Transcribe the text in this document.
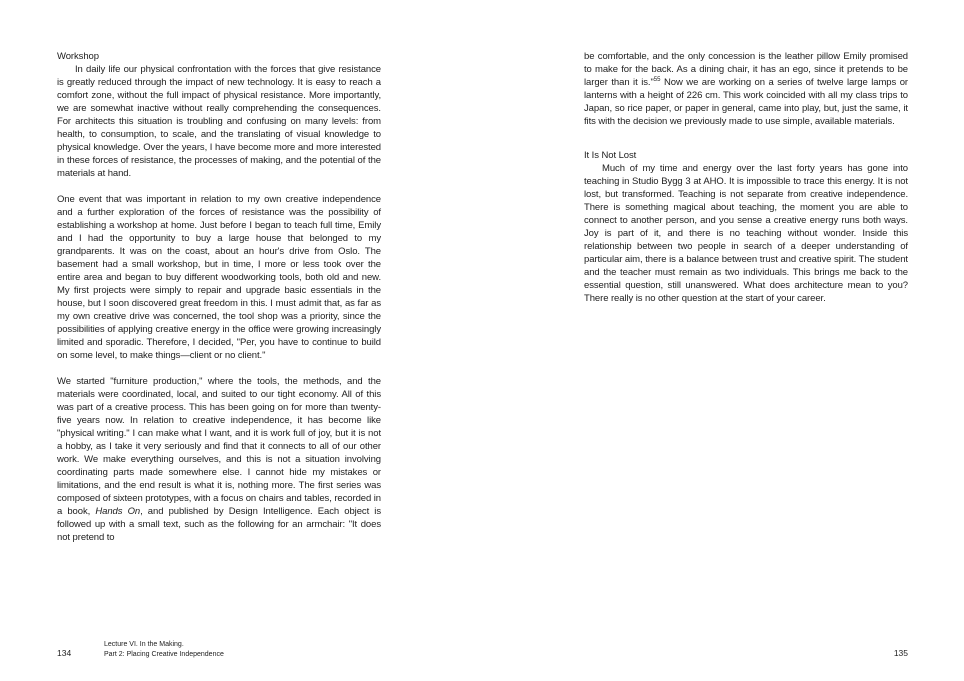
Workshop

In daily life our physical confrontation with the forces that give resistance is greatly reduced through the impact of new technology. It is easy to reach a comfort zone, without the full impact of physical resistance. More importantly, we are somewhat inactive without really comprehending the consequences. For architects this situation is troubling and confusing on many levels: from health, to consumption, to scale, and the translating of visual knowledge to physical knowledge. Over the years, I have become more and more interested in these forces of resistance, the processes of making, and the potential of the materials at hand.

One event that was important in relation to my own creative independence and a further exploration of the forces of resistance was the possibility of establishing a workshop at home. Just before I began to teach full time, Emily and I had the opportunity to buy a large house that belonged to my grandparents. It was on the coast, about an hour's drive from Oslo. The basement had a small workshop, but in time, I more or less took over the entire area and began to buy different woodworking tools, both old and new. My first projects were simply to repair and upgrade basic essentials in the house, but I soon discovered great freedom in this. I must admit that, as far as my own creative drive was concerned, the tool shop was a priority, since the possibilities of applying creative energy in the office were growing increasingly limited and sporadic. Therefore, I decided, "Per, you have to continue to build on some level, to make things—client or no client."

We started "furniture production," where the tools, the methods, and the materials were coordinated, local, and suited to our tight economy. All of this was part of a creative process. This has been going on for more than twenty-five years now. In relation to creative independence, it has become like "physical writing." I can make what I want, and it is work full of joy, but it is not a hobby, as I take it very seriously and find that it connects to all of our other work. We make everything ourselves, and this is not a situation involving coordinating parts made somewhere else. I cannot hide my mistakes or limitations, and the end result is what it is, nothing more. The first series was composed of sixteen prototypes, with a focus on chairs and tables, recorded in a book, Hands On, and published by Design Intelligence. Each object is followed up with a small text, such as the following for an armchair: "It does not pretend to

134
Lecture VI. In the Making.
Part 2: Placing Creative Independence

be comfortable, and the only concession is the leather pillow Emily promised to make for the back. As a dining chair, it has an ego, since it pretends to be larger than it is."$^{55}$ Now we are working on a series of twelve large lamps or lanterns with a height of 226 cm. This work coincided with all my class trips to Japan, so rice paper, or paper in general, came into play, but, just the same, it fits with the decision we previously made to use simple, available materials.

It Is Not Lost

Much of my time and energy over the last forty years has gone into teaching in Studio Bygg 3 at AHO. It is impossible to trace this energy. It is not lost, but transformed. Teaching is not separate from creative independence. There is something magical about teaching, the moment you are able to connect to another person, and you sense a creative energy runs both ways. Joy is part of it, and there is no teaching without wonder. Inside this relationship between two people in search of a deeper understanding of particular aim, there is a balance between trust and creative spirit. The student and the teacher must remain as two individuals. This brings me back to the essential question, still unanswered. What does architecture mean to you? There really is no other question at the start of your career.

135
